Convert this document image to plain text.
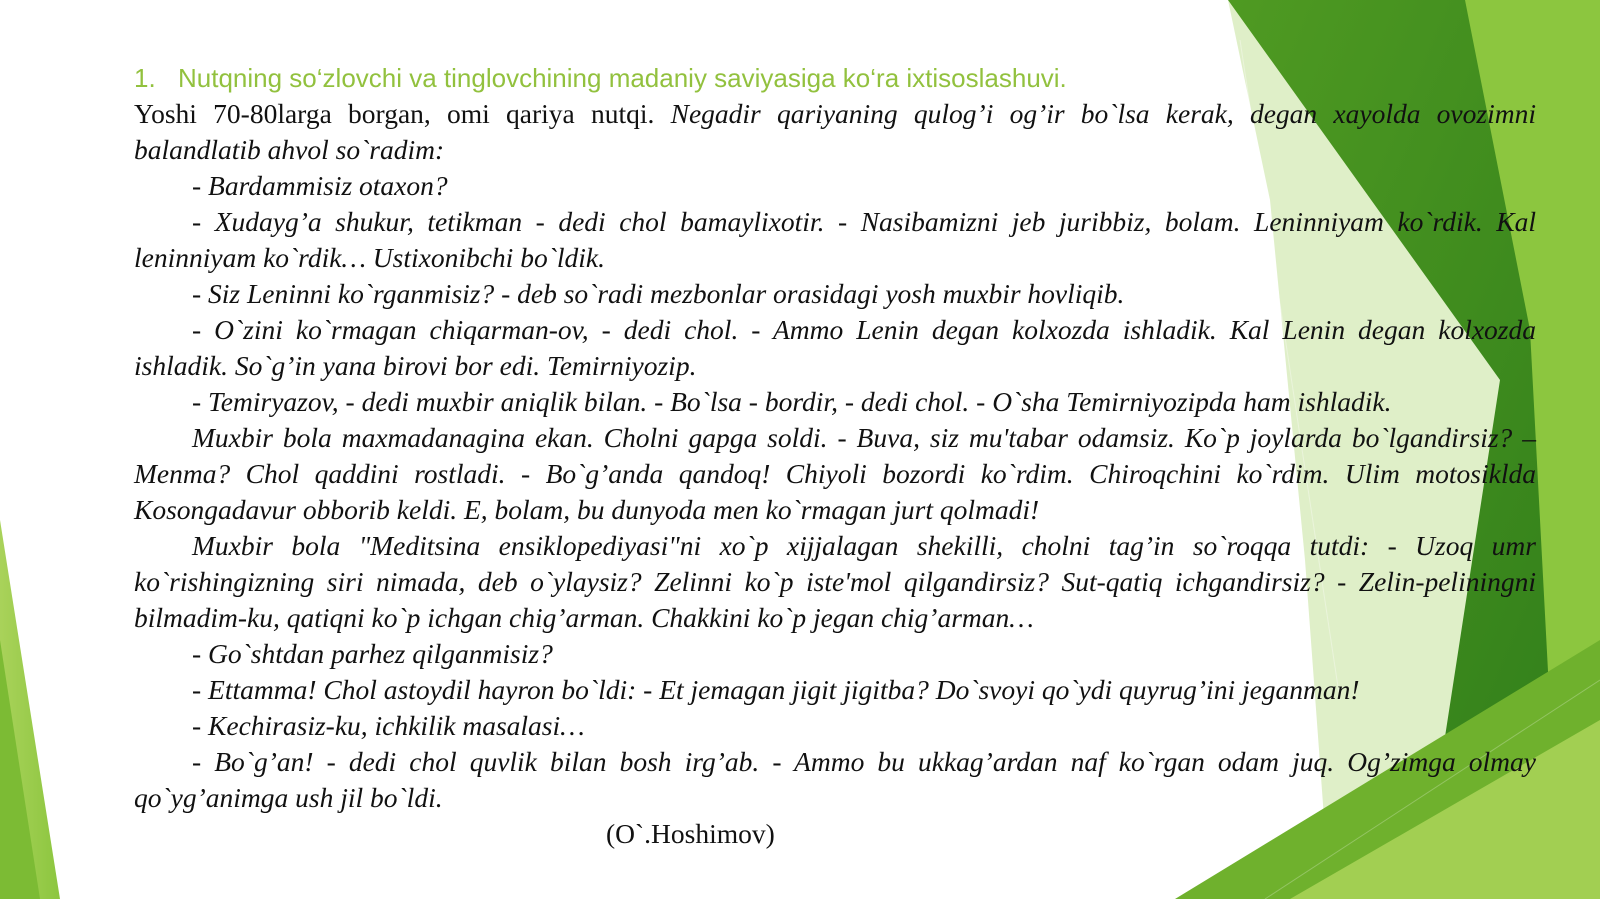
1. Nutqning so‘zlovchi va tinglovchining madaniy saviyasiga ko‘ra ixtisoslashuvi.

Yoshi 70-80larga borgan, omi qariya nutqi. Negadir qariyaning qulog’i og’ir bo`lsa kerak, degan xayolda ovozimni balandlatib ahvol so`radim:

- Bardammisiz otaxon?

- Xudayg’a shukur, tetikman - dedi chol bamaylixotir. - Nasibamizni jeb juribbiz, bolam. Leninniyam ko`rdik. Kal leninniyam ko`rdik… Ustixonibchi bo`ldik.

- Siz Leninni ko`rganmisiz? - deb so`radi mezbonlar orasidagi yosh muxbir hovliqib.

- O`zini ko`rmagan chiqarman-ov, - dedi chol. - Ammo Lenin degan kolxozda ishladik. Kal Lenin degan kolxozda ishladik. So`g’in yana birovi bor edi. Temirniyozip.

- Temiryazov, - dedi muxbir aniqlik bilan. - Bo`lsa - bordir, - dedi chol. - O`sha Temirniyozipda ham ishladik.

Muxbir bola maxmadanagina ekan. Cholni gapga soldi. - Buva, siz mu'tabar odamsiz. Ko`p joylarda bo`lgandirsiz? – Menma? Chol qaddini rostladi. - Bo`g’anda qandoq! Chiyoli bozordi ko`rdim. Chiroqchini ko`rdim. Ulim motosiklda Kosongadavur obborib keldi. E, bolam, bu dunyoda men ko`rmagan jurt qolmadi!

Muxbir bola "Meditsina ensiklopediyasi"ni xo`p xijjalagan shekilli, cholni tag’in so`roqqa tutdi: - Uzoq umr ko`rishingizning siri nimada, deb o`ylaysiz? Zelinni ko`p iste'mol qilgandirsiz? Sut-qatiq ichgandirsiz? - Zelin-peliningni bilmadim-ku, qatiqni ko`p ichgan chig’arman. Chakkini ko`p jegan chig’arman…

- Go`shtdan parhez qilganmisiz?

- Ettamma! Chol astoydil hayron bo`ldi: - Et jemagan jigit jigitba? Do`svoyi qo`ydi quyrug’ini jeganman!

- Kechirasiz-ku, ichkilik masalasi…

- Bo`g’an! - dedi chol quvlik bilan bosh irg’ab. - Ammo bu ukkag’ardan naf ko`rgan odam juq. Og’zimga olmay qo`yg’animga ush jil bo`ldi.

(O`.Hoshimov)
